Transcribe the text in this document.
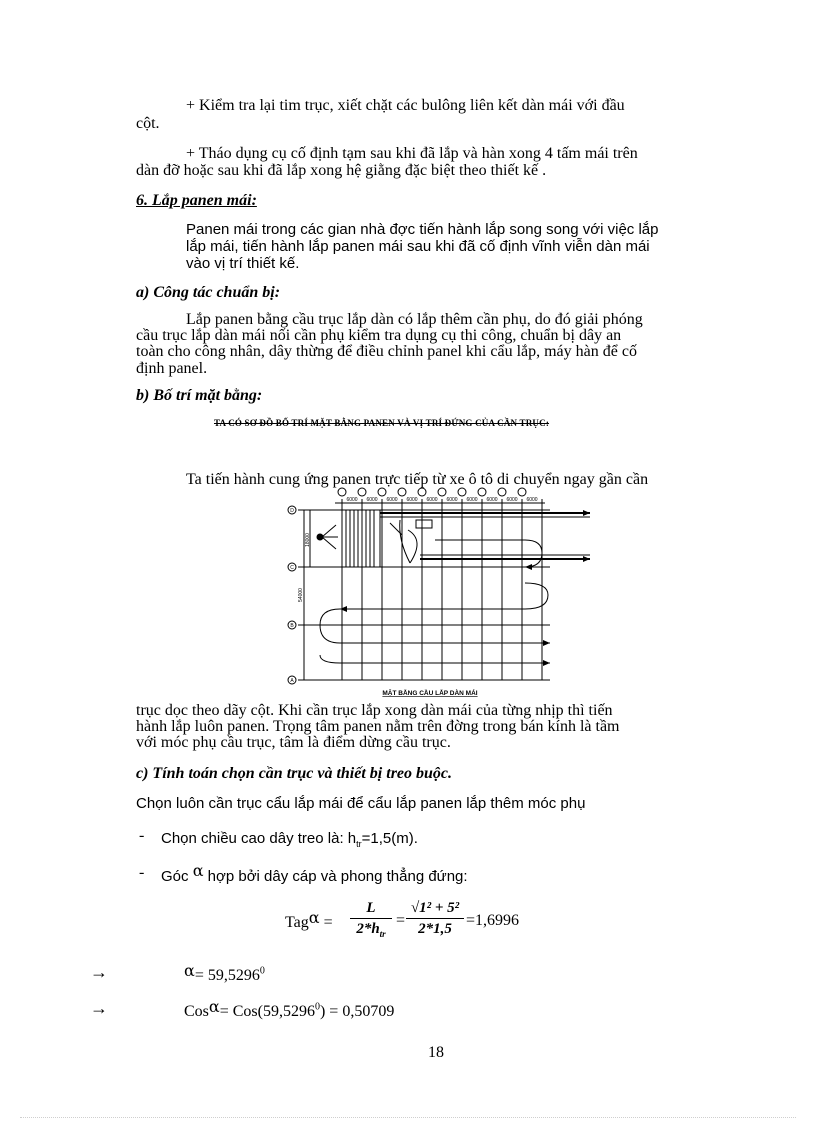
+ Kiểm tra lại tim trục, xiết chặt các bulông liên kết dàn mái với đầu
cột.
+ Tháo dụng cụ cố định tạm sau khi đã lắp và hàn xong 4 tấm mái trên
dàn đỡ hoặc sau khi đã lắp xong hệ giằng đặc biệt theo thiết kế .
6. Lắp panen mái:
Panen mái trong các gian nhà đợc tiến hành lắp song song với việc lắp
lắp mái, tiến hành lắp panen mái sau khi đã cố định vĩnh viễn dàn mái
vào vị trí thiết kế.
a) Công tác chuẩn bị:
Lắp panen bằng cầu trục lắp dàn có lắp thêm cần phụ, do đó giải phóng
cầu trục lắp dàn mái nối cần phụ kiểm tra dụng cụ thi công, chuẩn bị dây an
toàn cho công nhân, dây thừng để điều chỉnh panel khi cẩu lắp, máy hàn để cố
định panel.
b) Bố trí mặt bằng:
TA CÓ SƠ ĐỒ BỐ TRÍ MẶT BẰNG PANEN VÀ VỊ TRÍ ĐỨNG CỦA CẦN TRỤC:
Ta tiến hành cung ứng panen trực tiếp từ xe ô tô di chuyển ngay gần cần
D
C
B
A
6000 6000 6000 6000 6000 6000 6000 6000 6000 6000
18000
54000
MẶT BẰNG CẦU LẮP DÀN MÁI
trục dọc theo dãy cột. Khi cần trục lắp xong dàn mái của từng nhịp thì tiến
hành lắp luôn panen. Trọng tâm panen nằm trên đờng trong bán kính là tầm
với móc phụ cầu trục, tâm là điểm dừng cầu trục.
c) Tính toán chọn cần trục và thiết bị treo buộc.
Chọn luôn cần trục cẩu lắp mái để cẩu lắp panen lắp thêm móc phụ
- Chọn chiều cao dây treo là: $h_{tr}=1,5(m)$.
- Góc α hợp bởi dây cáp và phong thẳng đứng:
Tagα =
L
$2*h_{tr}$
= $\frac{\text{√1² + 5²}}{2*1,5} =1,6996$
→	$\alpha= 59,5296^0$
→	$Cos\alpha= Cos(59,5296^0) = 0,50709$
18
